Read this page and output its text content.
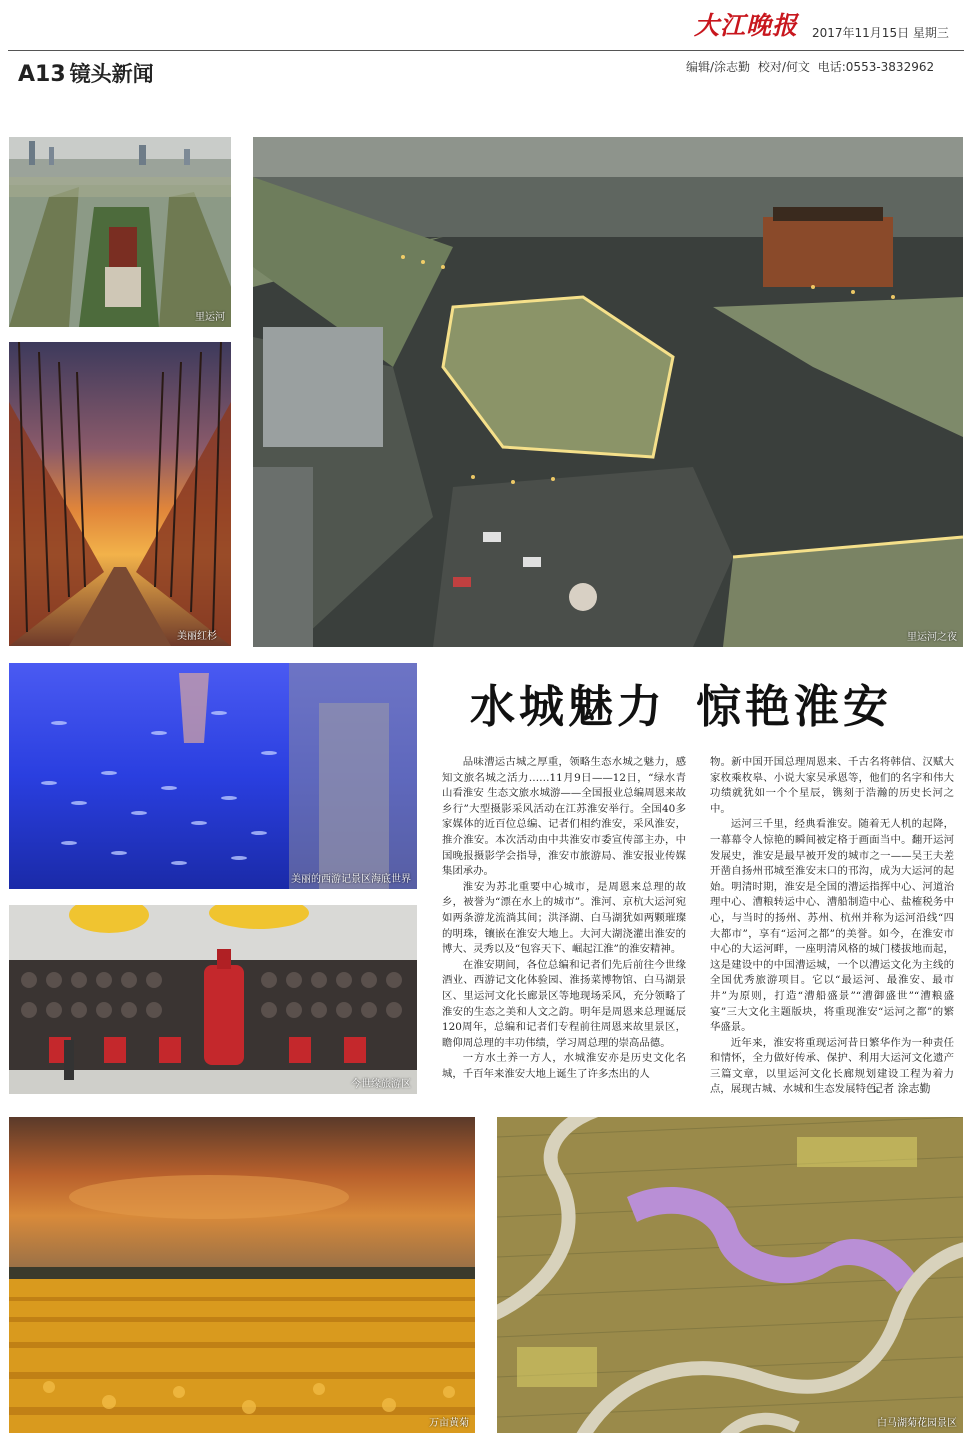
大江晚报	2017年11月15日 星期三
A13 镜头新闻	编辑/涂志勤 校对/何文 电话:0553-3832962
里运河
美丽红杉	里运河之夜
美丽的西游记景区海底世界
今世缘旅游区
水城魅力 惊艳淮安

品味漕运古城之厚重，领略生态水城之魅力，感知文旅名城之活力……11月9日——12日，“绿水青山看淮安 生态文旅水城游——全国报业总编周恩来故乡行”大型摄影采风活动在江苏淮安举行。全国40多家媒体的近百位总编、记者们相约淮安，采风淮安，推介淮安。本次活动由中共淮安市委宣传部主办，中国晚报摄影学会指导，淮安市旅游局、淮安报业传媒集团承办。

淮安为苏北重要中心城市，是周恩来总理的故乡，被誉为“漂在水上的城市”。淮河、京杭大运河宛如两条游龙流淌其间；洪泽湖、白马湖犹如两颗璀璨的明珠，镶嵌在淮安大地上。大河大湖浇灌出淮安的博大、灵秀以及“包容天下、崛起江淮”的淮安精神。

在淮安期间，各位总编和记者们先后前往今世缘酒业、西游记文化体验园、淮扬菜博物馆、白马湖景区、里运河文化长廊景区等地现场采风，充分领略了淮安的生态之美和人文之韵。明年是周恩来总理诞辰120周年，总编和记者们专程前往周恩来故里景区，瞻仰周总理的丰功伟绩，学习周总理的崇高品德。

一方水土养一方人，水城淮安亦是历史文化名城，千百年来淮安大地上诞生了许多杰出的人

物。新中国开国总理周恩来、千古名将韩信、汉赋大家枚乘枚皋、小说大家吴承恩等，他们的名字和伟大功绩就犹如一个个星辰，镌刻于浩瀚的历史长河之中。

运河三千里，经典看淮安。随着无人机的起降，一幕幕令人惊艳的瞬间被定格于画面当中。翻开运河发展史，淮安是最早被开发的城市之一——吴王夫差开凿自扬州邗城至淮安末口的邗沟，成为大运河的起始。明清时期，淮安是全国的漕运指挥中心、河道治理中心、漕粮转运中心、漕船制造中心、盐榷税务中心，与当时的扬州、苏州、杭州并称为运河沿线“四大都市”，享有“运河之都”的美誉。如今，在淮安市中心的大运河畔，一座明清风格的城门楼拔地而起，这是建设中的中国漕运城，一个以漕运文化为主线的全国优秀旅游项目。它以“最运河、最淮安、最市井”为原则，打造“漕船盛景”“漕御盛世”“漕粮盛宴”三大文化主题版块，将重现淮安“运河之都”的繁华盛景。

近年来，淮安将重现运河昔日繁华作为一种责任和情怀，全力做好传承、保护、利用大运河文化遗产三篇文章，以里运河文化长廊规划建设工程为着力点，展现古城、水城和生态发展特色。

记者 涂志勤
万亩黄菊	白马湖菊花园景区
